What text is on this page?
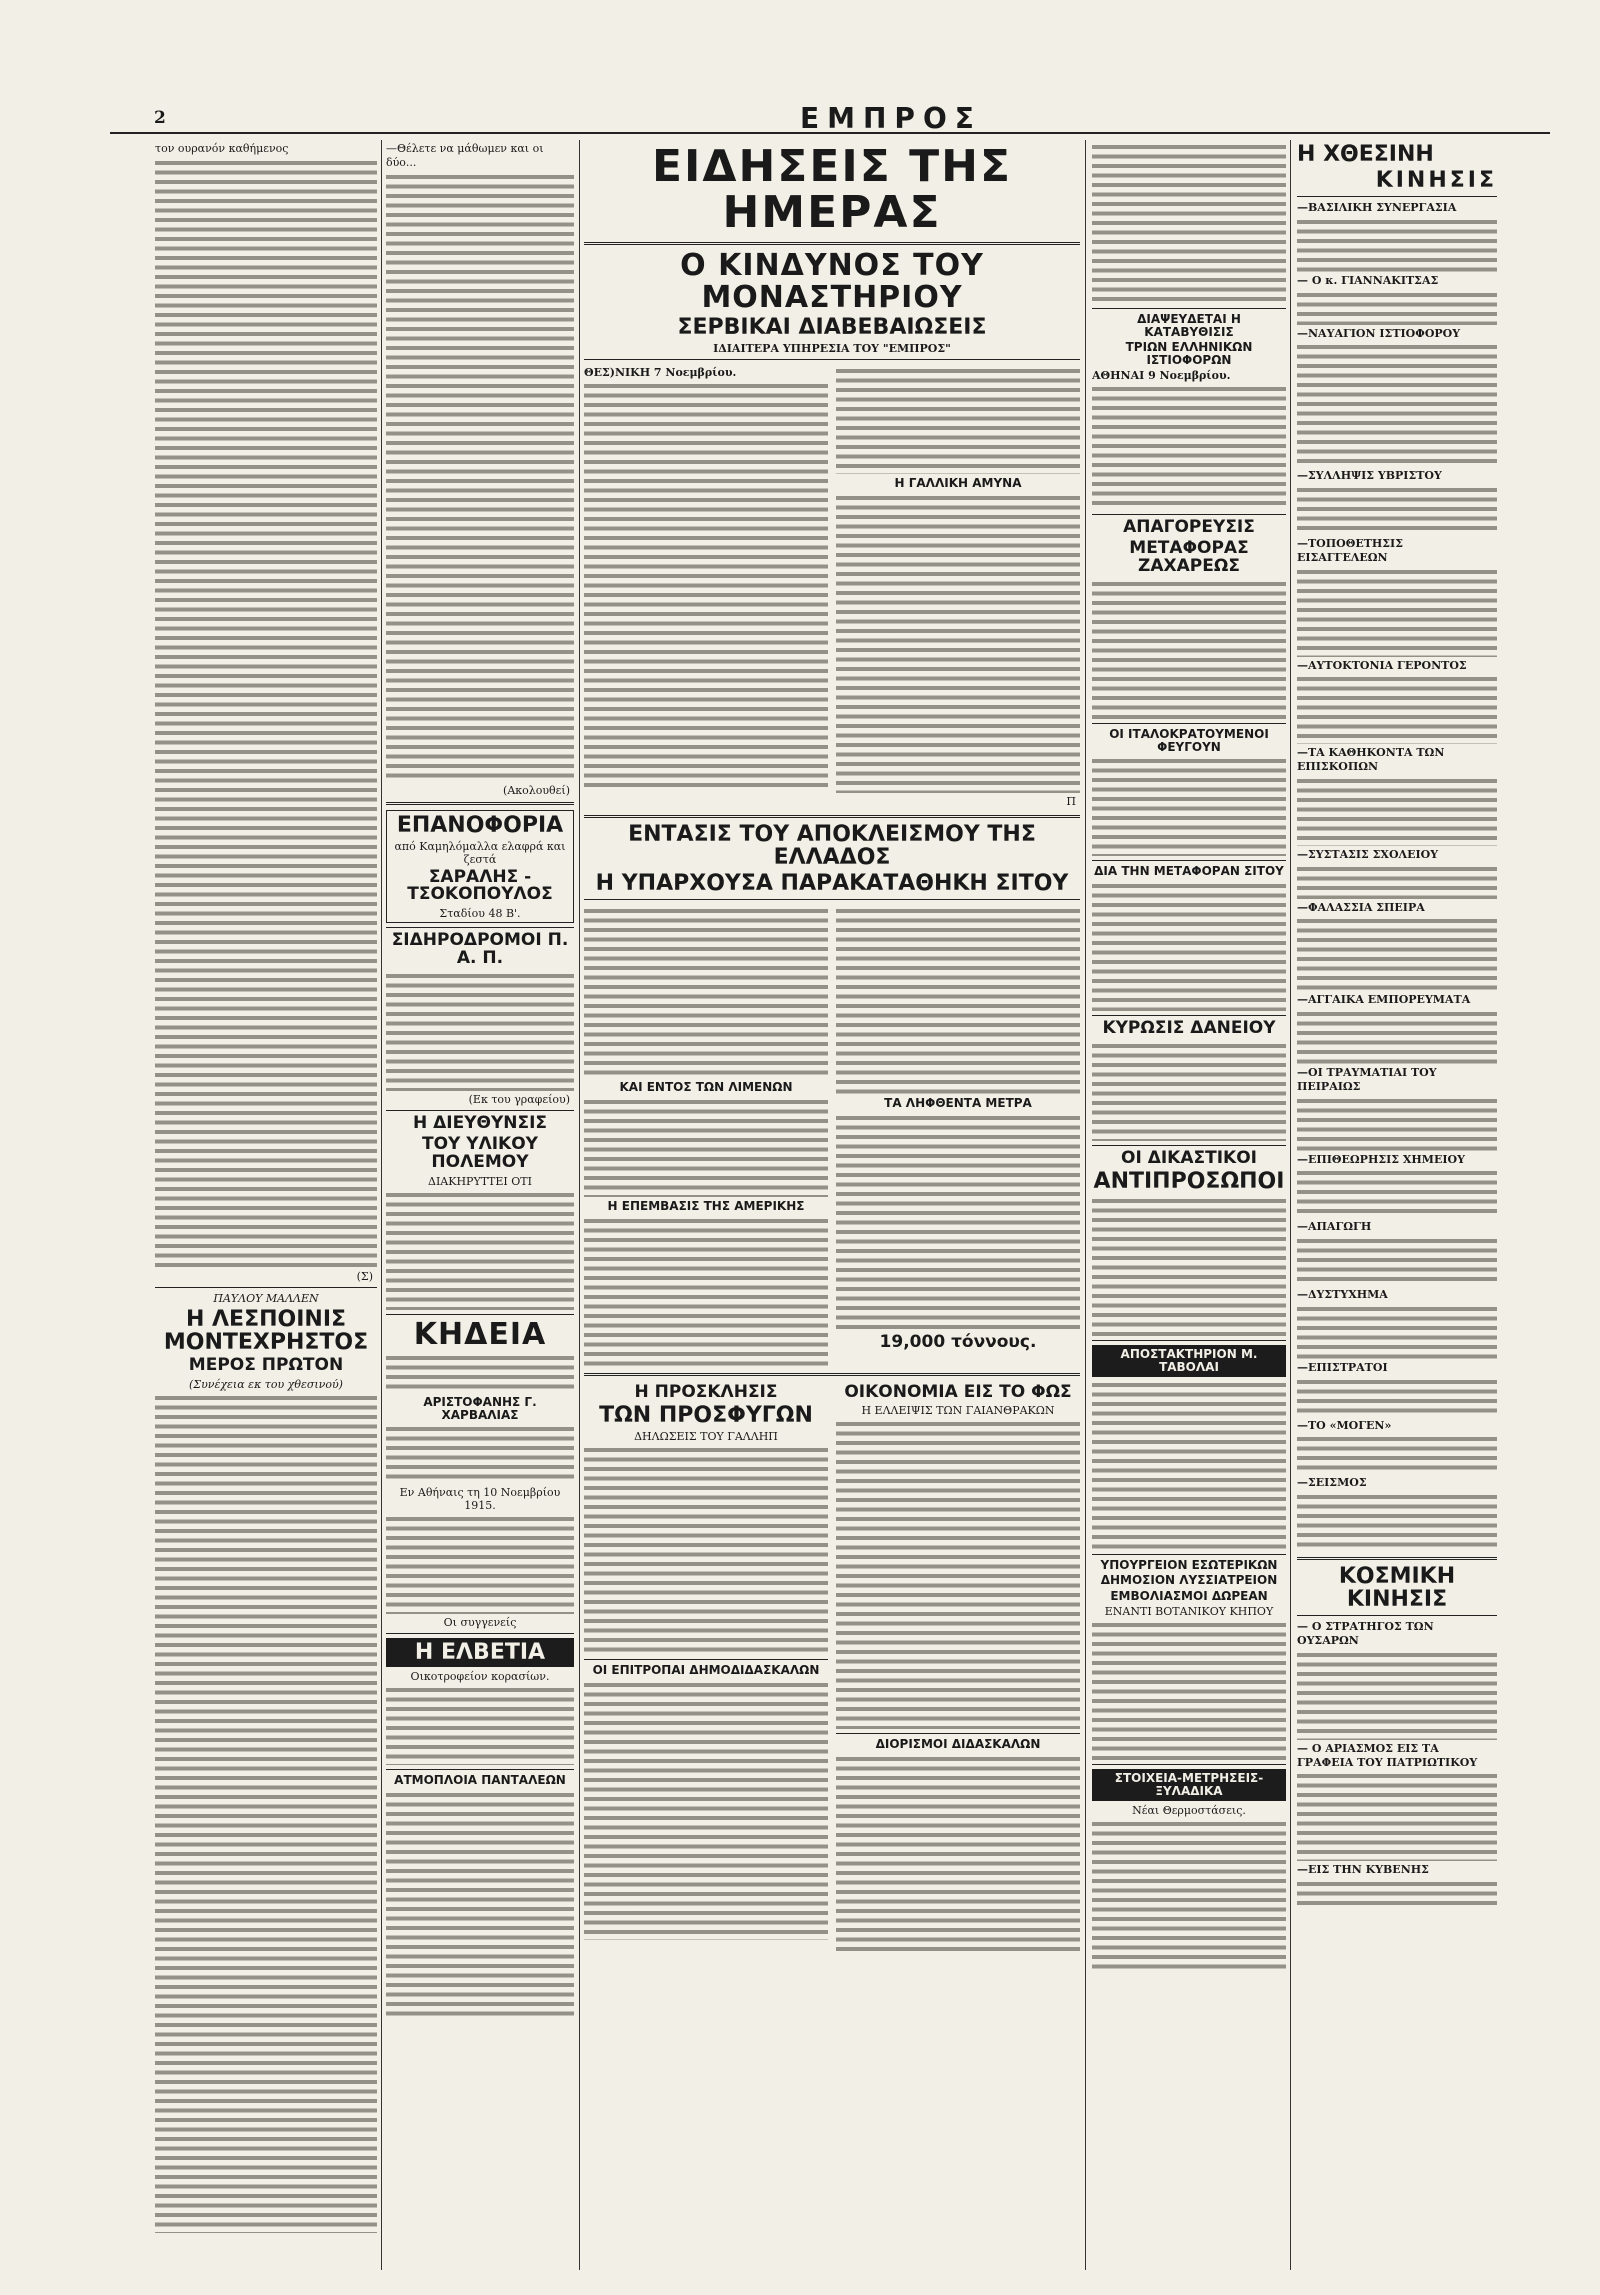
2	ΕΜΠΡΟΣ
τον ουρανόν καθήμενος
(Σ)
ΠΑΥΛΟΥ ΜΑΛΛΕΝ
Η ΛΕΣΠΟΙΝΙΣ ΜΟΝΤΕΧΡΗΣΤΟΣ
ΜΕΡΟΣ ΠΡΩΤΟΝ
(Συνέχεια εκ του χθεσινού)
—Θέλετε να μάθωμεν και οι δύο...
(Ακολουθεί)
ΕΠΑΝΟΦΟΡΙΑ
από Καμηλόμαλλα ελαφρά και ζεστά
ΣΑΡΑΛΗΣ - ΤΣΟΚΟΠΟΥΛΟΣ
Σταδίου 48 Β'.
ΣΙΔΗΡΟΔΡΟΜΟΙ Π. Α. Π.
(Εκ του γραφείου)
Η ΔΙΕΥΘΥΝΣΙΣ
ΤΟΥ ΥΛΙΚΟΥ ΠΟΛΕΜΟΥ
ΔΙΑΚΗΡΥΤΤΕΙ ΟΤΙ
ΚΗΔΕΙΑ
ΑΡΙΣΤΟΦΑΝΗΣ Γ. ΧΑΡΒΑΛΙΑΣ
Εν Αθήναις τη 10 Νοεμβρίου 1915.
Οι συγγενείς
Η ΕΛΒΕΤΙΑ
Οικοτροφείον κορασίων.
ΑΤΜΟΠΛΟΙΑ ΠΑΝΤΑΛΕΩΝ
ΕΙΔΗΣΕΙΣ ΤΗΣ ΗΜΕΡΑΣ
Ο ΚΙΝΔΥΝΟΣ ΤΟΥ ΜΟΝΑΣΤΗΡΙΟΥ
ΣΕΡΒΙΚΑΙ ΔΙΑΒΕΒΑΙΩΣΕΙΣ
ΙΔΙΑΙΤΕΡΑ ΥΠΗΡΕΣΙΑ ΤΟΥ "ΕΜΠΡΟΣ"
ΘΕΣ)ΝΙΚΗ 7 Νοεμβρίου.
Η ΓΑΛΛΙΚΗ ΑΜΥΝΑ
Π
ΕΝΤΑΣΙΣ ΤΟΥ ΑΠΟΚΛΕΙΣΜΟΥ ΤΗΣ ΕΛΛΑΔΟΣ
Η ΥΠΑΡΧΟΥΣΑ ΠΑΡΑΚΑΤΑΘΗΚΗ ΣΙΤΟΥ
ΚΑΙ ΕΝΤΟΣ ΤΩΝ ΛΙΜΕΝΩΝ
Η ΕΠΕΜΒΑΣΙΣ ΤΗΣ ΑΜΕΡΙΚΗΣ
ΤΑ ΛΗΦΘΕΝΤΑ ΜΕΤΡΑ
19,000 τόννους.
Η ΠΡΟΣΚΛΗΣΙΣ
ΤΩΝ ΠΡΟΣΦΥΓΩΝ
ΔΗΛΩΣΕΙΣ ΤΟΥ ΓΑΛΛΗΠ
ΟΙ ΕΠΙΤΡΟΠΑΙ ΔΗΜΟΔΙΔΑΣΚΑΛΩΝ
ΟΙΚΟΝΟΜΙΑ ΕΙΣ ΤΟ ΦΩΣ
Η ΕΛΛΕΙΨΙΣ ΤΩΝ ΓΑΙΑΝΘΡΑΚΩΝ
ΔΙΟΡΙΣΜΟΙ ΔΙΔΑΣΚΑΛΩΝ
ΔΙΑΨΕΥΔΕΤΑΙ Η ΚΑΤΑΒΥΘΙΣΙΣ
ΤΡΙΩΝ ΕΛΛΗΝΙΚΩΝ ΙΣΤΙΟΦΟΡΩΝ
ΑΘΗΝΑΙ 9 Νοεμβρίου.
ΑΠΑΓΟΡΕΥΣΙΣ
ΜΕΤΑΦΟΡΑΣ ΖΑΧΑΡΕΩΣ
ΟΙ ΙΤΑΛΟΚΡΑΤΟΥΜΕΝΟΙ ΦΕΥΓΟΥΝ
ΔΙΑ ΤΗΝ ΜΕΤΑΦΟΡΑΝ ΣΙΤΟΥ
ΚΥΡΩΣΙΣ ΔΑΝΕΙΟΥ
ΟΙ ΔΙΚΑΣΤΙΚΟΙ
ΑΝΤΙΠΡΟΣΩΠΟΙ
ΑΠΟΣΤΑΚΤΗΡΙΟΝ Μ. ΤΑΒΟΛΑΙ
ΥΠΟΥΡΓΕΙΟΝ ΕΣΩΤΕΡΙΚΩΝ
ΔΗΜΟΣΙΟΝ ΛΥΣΣΙΑΤΡΕΙΟΝ
ΕΜΒΟΛΙΑΣΜΟΙ ΔΩΡΕΑΝ
ΕΝΑΝΤΙ ΒΟΤΑΝΙΚΟΥ ΚΗΠΟΥ
ΣΤΟΙΧΕΙΑ-ΜΕΤΡΗΣΕΙΣ-ΞΥΛΑΔΙΚΑ
Νέαι Θερμοστάσεις.
Η ΧΘΕΣΙΝΗ
ΚΙΝΗΣΙΣ
—ΒΑΣΙΛΙΚΗ ΣΥΝΕΡΓΑΣΙΑ
— Ο κ. ΓΙΑΝΝΑΚΙΤΣΑΣ
—ΝΑΥΑΓΙΟΝ ΙΣΤΙΟΦΟΡΟΥ
—ΣΥΛΛΗΨΙΣ ΥΒΡΙΣΤΟΥ
—ΤΟΠΟΘΕΤΗΣΙΣ ΕΙΣΑΓΓΕΛΕΩΝ
—ΑΥΤΟΚΤΟΝΙΑ ΓΕΡΟΝΤΟΣ
—ΤΑ ΚΑΘΗΚΟΝΤΑ ΤΩΝ ΕΠΙΣΚΟΠΩΝ
—ΣΥΣΤΑΣΙΣ ΣΧΟΛΕΙΟΥ
—ΦΑΛΑΣΣΙΑ ΣΠΕΙΡΑ
—ΑΓΓΑΙΚΑ ΕΜΠΟΡΕΥΜΑΤΑ
—ΟΙ ΤΡΑΥΜΑΤΙΑΙ ΤΟΥ ΠΕΙΡΑΙΩΣ
—ΕΠΙΘΕΩΡΗΣΙΣ ΧΗΜΕΙΟΥ
—ΑΠΑΓΩΓΗ
—ΔΥΣΤΥΧΗΜΑ
—ΕΠΙΣΤΡΑΤΟΙ
—ΤΟ «ΜΟΓΕΝ»
—ΣΕΙΣΜΟΣ
ΚΟΣΜΙΚΗ ΚΙΝΗΣΙΣ
— Ο ΣΤΡΑΤΗΓΟΣ ΤΩΝ ΟΥΣΑΡΩΝ
— Ο ΑΡΙΑΣΜΟΣ ΕΙΣ ΤΑ ΓΡΑΦΕΙΑ ΤΟΥ ΠΑΤΡΙΩΤΙΚΟΥ
—ΕΙΣ ΤΗΝ ΚΥΒΕΝΗΣ
